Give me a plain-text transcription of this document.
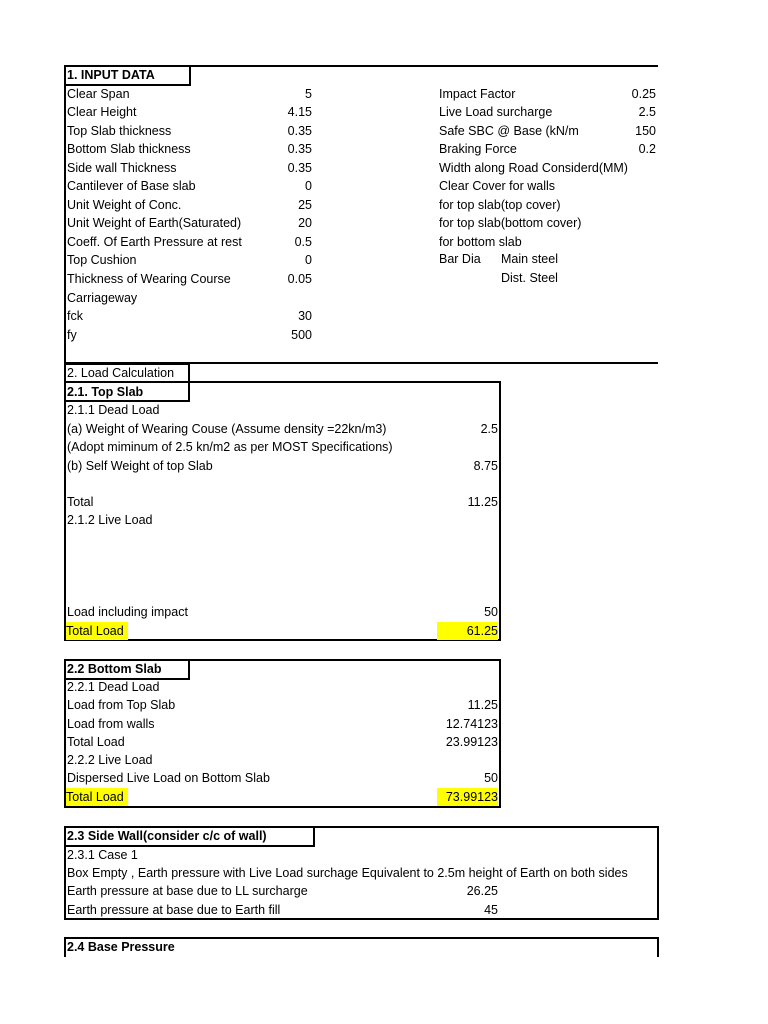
1. INPUT DATA
Clear Span	5
Clear Height	4.15
Top Slab thickness	0.35
Bottom Slab thickness	0.35
Side wall Thickness	0.35
Cantilever of Base slab	0
Unit Weight of Conc.	25
Unit Weight of Earth(Saturated)	20
Coeff. Of Earth Pressure at rest	0.5
Top Cushion	0
Thickness of Wearing Course	0.05
Carriageway
fck	30
fy	500
Impact Factor	0.25
Live Load surcharge	2.5
Safe SBC @ Base (kN/m	150
Braking Force	0.2
Width along Road Considerd(MM)
Clear Cover for walls
for top slab(top cover)
for top slab(bottom cover)
for bottom slab
Bar Dia Main steel
Dist. Steel
2. Load Calculation
2.1. Top Slab
2.1.1 Dead Load
(a) Weight of Wearing Couse (Assume density =22kn/m3)	2.5
(Adopt miminum of 2.5 kn/m2 as per MOST Specifications)
(b) Self Weight of top Slab	8.75
Total	11.25
2.1.2 Live Load
Load including impact	50
Total Load	61.25
2.2 Bottom Slab
2.2.1 Dead Load
Load from Top Slab	11.25
Load from walls	12.74123
Total Load	23.99123
2.2.2 Live Load
Dispersed Live Load on Bottom Slab	50
Total Load	73.99123
2.3 Side Wall(consider c/c of wall)
2.3.1 Case 1
Box Empty , Earth pressure with Live Load surchage Equivalent to 2.5m height of Earth on both sides
Earth pressure at base due to LL surcharge	26.25
Earth pressure at base due to Earth fill	45
2.4 Base Pressure
